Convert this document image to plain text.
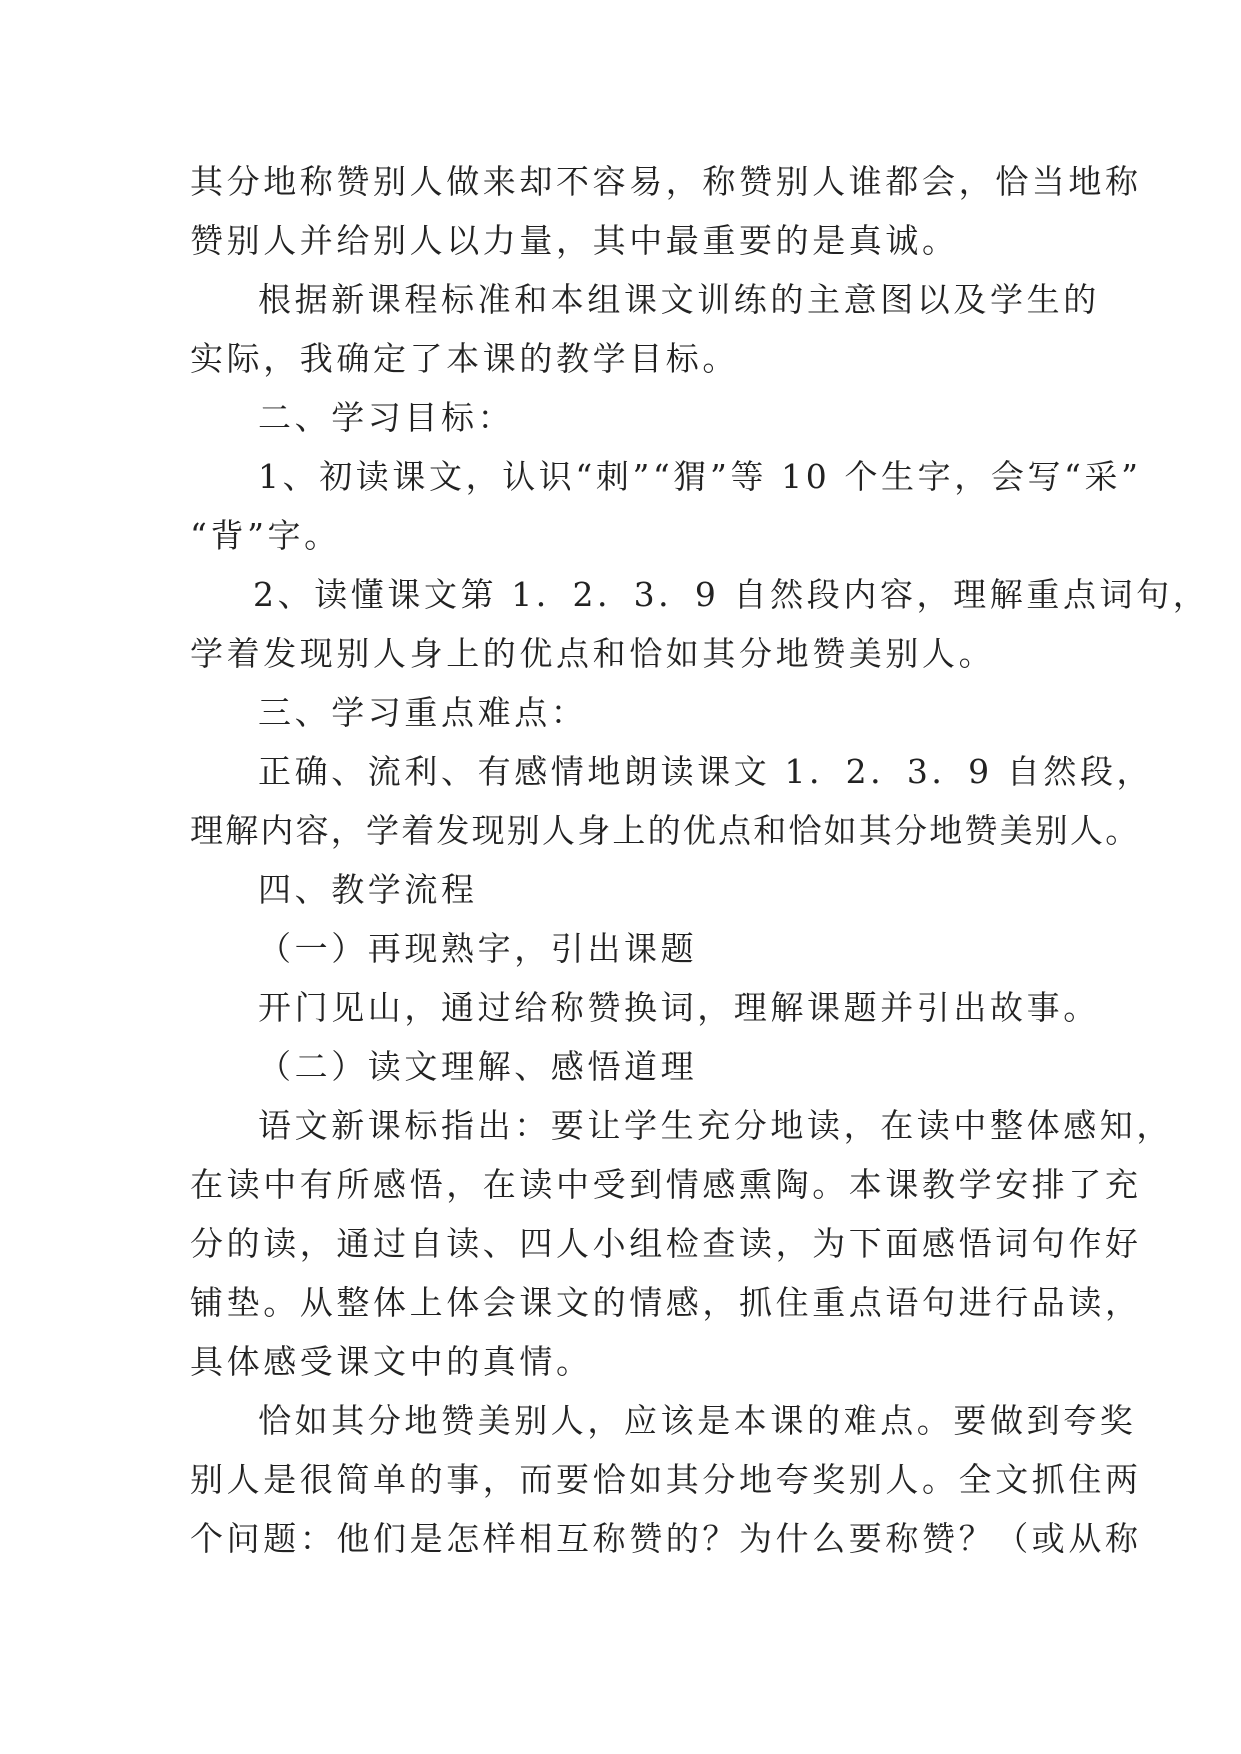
其分地称赞别人做来却不容易，称赞别人谁都会，恰当地称
赞别人并给别人以力量，其中最重要的是真诚。
根据新课程标准和本组课文训练的主意图以及学生的
实际，我确定了本课的教学目标。
二、学习目标：
1、初读课文，认识“刺”“猬”等 10 个生字，会写“采”
“背”字。
2、读懂课文第 1．2．3．9 自然段内容，理解重点词句，
学着发现别人身上的优点和恰如其分地赞美别人。
三、学习重点难点：
正确、流利、有感情地朗读课文 1．2．3．9 自然段，
理解内容，学着发现别人身上的优点和恰如其分地赞美别人。
四、教学流程
（一）再现熟字，引出课题
开门见山，通过给称赞换词，理解课题并引出故事。
（二）读文理解、感悟道理
语文新课标指出：要让学生充分地读，在读中整体感知，
在读中有所感悟，在读中受到情感熏陶。本课教学安排了充
分的读，通过自读、四人小组检查读，为下面感悟词句作好
铺垫。从整体上体会课文的情感，抓住重点语句进行品读，
具体感受课文中的真情。
恰如其分地赞美别人，应该是本课的难点。要做到夸奖
别人是很简单的事，而要恰如其分地夸奖别人。全文抓住两
个问题：他们是怎样相互称赞的？为什么要称赞？（或从称
